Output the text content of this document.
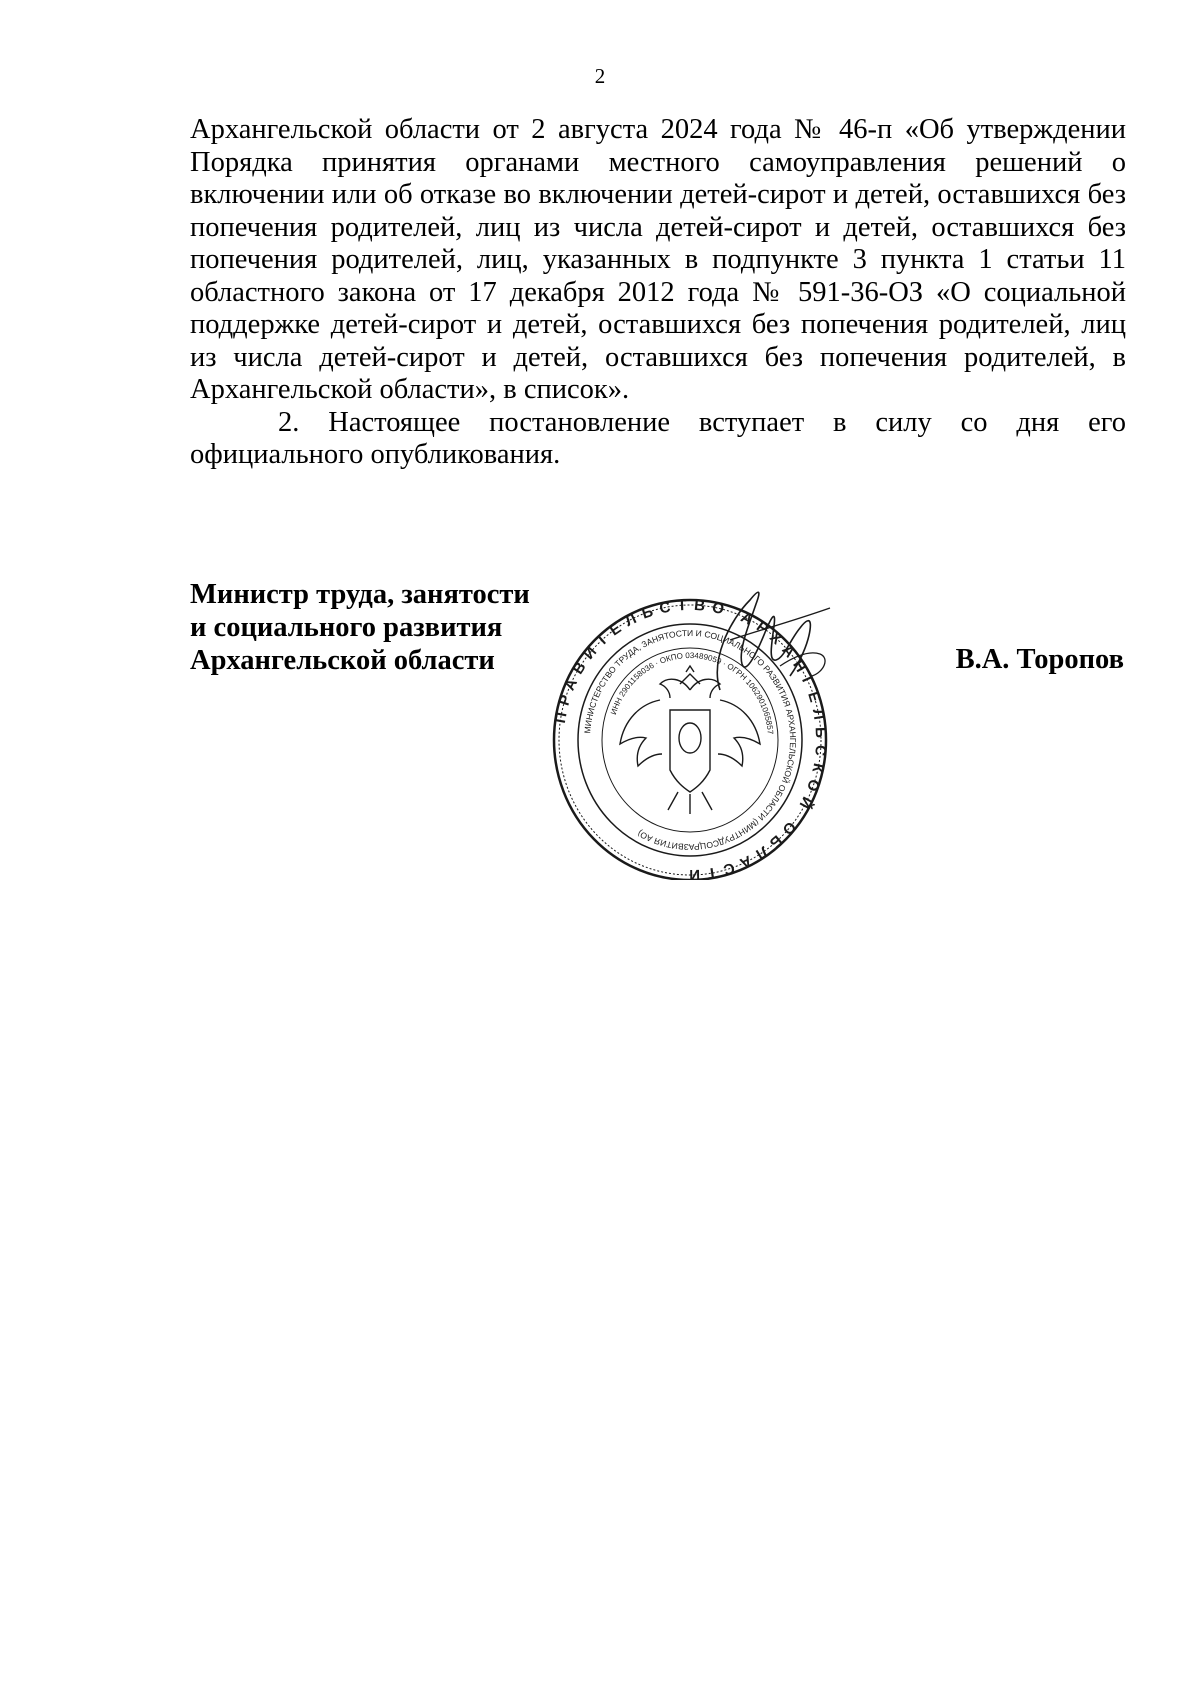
2

Архангельской области от 2 августа 2024 года № 46-п «Об утверждении Порядка принятия органами местного самоуправления решений о включении или об отказе во включении детей-сирот и детей, оставшихся без попечения родителей, лиц из числа детей-сирот и детей, оставшихся без попечения родителей, лиц, указанных в подпункте 3 пункта 1 статьи 11 областного закона от 17 декабря 2012 года № 591-36-ОЗ «О социальной поддержке детей-сирот и детей, оставшихся без попечения родителей, лиц из числа детей-сирот и детей, оставшихся без попечения родителей, в Архангельской области», в список».

2. Настоящее постановление вступает в силу со дня его официального опубликования.

Министр труда, занятости
и социального развития
Архангельской области
ПРАВИТЕЛЬСТВО АРХАНГЕЛЬСКОЙ ОБЛАСТИ
МИНИСТЕРСТВО ТРУДА, ЗАНЯТОСТИ И СОЦИАЛЬНОГО РАЗВИТИЯ АРХАНГЕЛЬСКОЙ ОБЛАСТИ (МИНТРУДСОЦРАЗВИТИЯ АО)
ИНН 2901158036 · ОКПО 03489059 · ОГРН 1062901065857
В.А. Торопов
